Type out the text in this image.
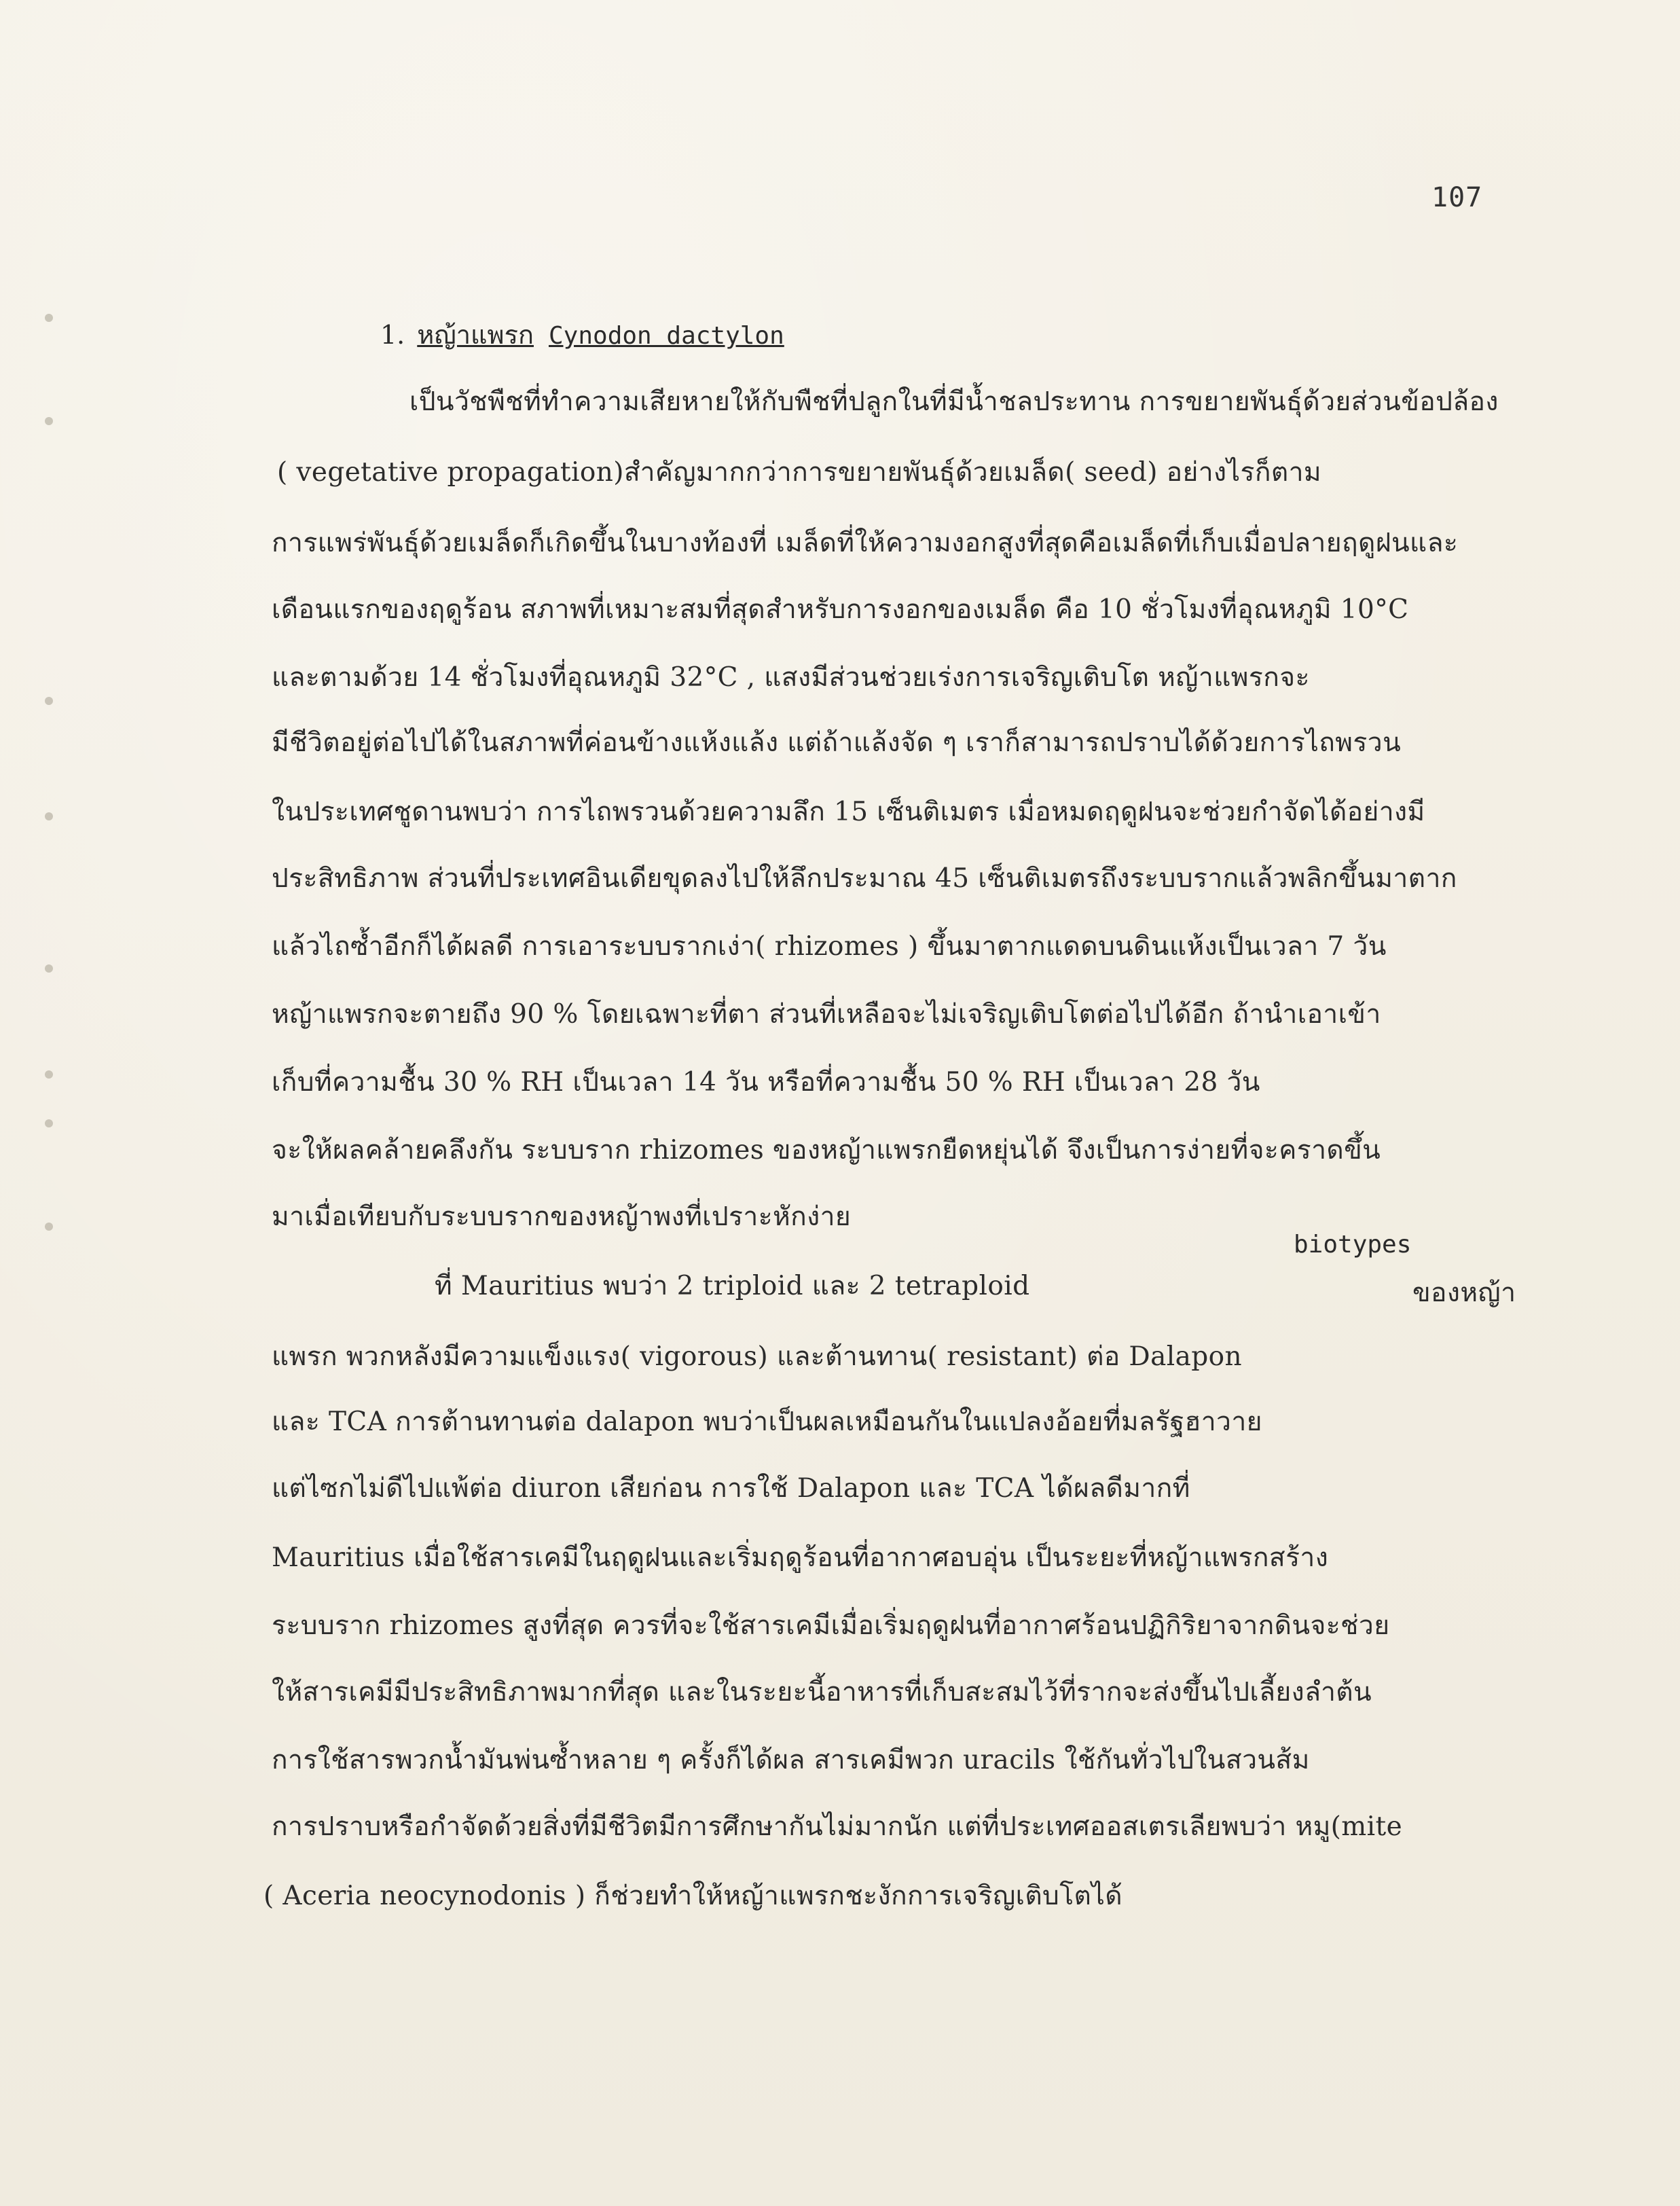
107
1. หญ้าแพรก Cynodon dactylon
เป็นวัชพืชที่ทำความเสียหายให้กับพืชที่ปลูกในที่มีน้ำชลประทาน การขยายพันธุ์ด้วยส่วนข้อปล้อง
( vegetative propagation)สำคัญมากกว่าการขยายพันธุ์ด้วยเมล็ด( seed) อย่างไรก็ตาม
การแพร่พันธุ์ด้วยเมล็ดก็เกิดขึ้นในบางท้องที่ เมล็ดที่ให้ความงอกสูงที่สุดคือเมล็ดที่เก็บเมื่อปลายฤดูฝนและ
เดือนแรกของฤดูร้อน สภาพที่เหมาะสมที่สุดสำหรับการงอกของเมล็ด คือ 10 ชั่วโมงที่อุณหภูมิ 10°C
และตามด้วย 14 ชั่วโมงที่อุณหภูมิ 32°C , แสงมีส่วนช่วยเร่งการเจริญเติบโต หญ้าแพรกจะ
มีชีวิตอยู่ต่อไปได้ในสภาพที่ค่อนข้างแห้งแล้ง แต่ถ้าแล้งจัด ๆ เราก็สามารถปราบได้ด้วยการไถพรวน
ในประเทศชูดานพบว่า การไถพรวนด้วยความลึก 15 เซ็นติเมตร เมื่อหมดฤดูฝนจะช่วยกำจัดได้อย่างมี
ประสิทธิภาพ ส่วนที่ประเทศอินเดียขุดลงไปให้ลึกประมาณ 45 เซ็นติเมตรถึงระบบรากแล้วพลิกขึ้นมาตาก
แล้วไถซ้ำอีกก็ได้ผลดี การเอาระบบรากเง่า( rhizomes ) ขึ้นมาตากแดดบนดินแห้งเป็นเวลา 7 วัน
หญ้าแพรกจะตายถึง 90 % โดยเฉพาะที่ตา ส่วนที่เหลือจะไม่เจริญเติบโตต่อไปได้อีก ถ้านำเอาเข้า
เก็บที่ความชื้น 30 % RH เป็นเวลา 14 วัน หรือที่ความชื้น 50 % RH เป็นเวลา 28 วัน
จะให้ผลคล้ายคลึงกัน ระบบราก rhizomes ของหญ้าแพรกยืดหยุ่นได้ จึงเป็นการง่ายที่จะคราดขึ้น
มาเมื่อเทียบกับระบบรากของหญ้าพงที่เปราะหักง่าย
ที่ Mauritius พบว่า 2 triploid และ 2 tetraploid
biotypes
ของหญ้า
แพรก พวกหลังมีความแข็งแรง( vigorous) และต้านทาน( resistant) ต่อ Dalapon
และ TCA การต้านทานต่อ dalapon พบว่าเป็นผลเหมือนกันในแปลงอ้อยที่มลรัฐฮาวาย
แต่ไซกไม่ดีไปแพ้ต่อ diuron เสียก่อน การใช้ Dalapon และ TCA ได้ผลดีมากที่
Mauritius เมื่อใช้สารเคมีในฤดูฝนและเริ่มฤดูร้อนที่อากาศอบอุ่น เป็นระยะที่หญ้าแพรกสร้าง
ระบบราก rhizomes สูงที่สุด ควรที่จะใช้สารเคมีเมื่อเริ่มฤดูฝนที่อากาศร้อนปฏิกิริยาจากดินจะช่วย
ให้สารเคมีมีประสิทธิภาพมากที่สุด และในระยะนี้อาหารที่เก็บสะสมไว้ที่รากจะส่งขึ้นไปเลี้ยงลำต้น
การใช้สารพวกน้ำมันพ่นซ้ำหลาย ๆ ครั้งก็ได้ผล สารเคมีพวก uracils ใช้กันทั่วไปในสวนส้ม
การปราบหรือกำจัดด้วยสิ่งที่มีชีวิตมีการศึกษากันไม่มากนัก แต่ที่ประเทศออสเตรเลียพบว่า หมู(mite
( Aceria neocynodonis ) ก็ช่วยทำให้หญ้าแพรกชะงักการเจริญเติบโตได้
